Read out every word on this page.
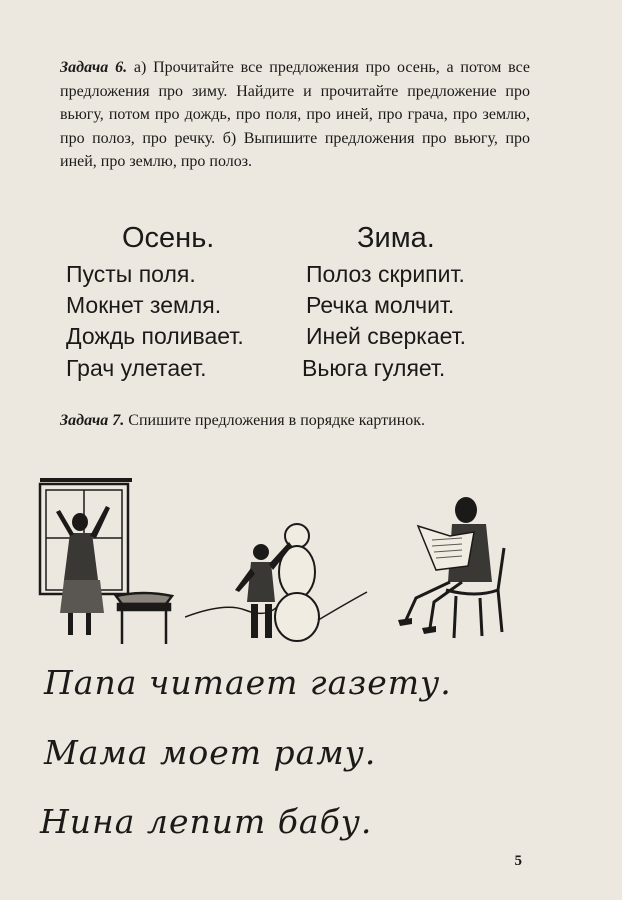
Задача 6. а) Прочитайте все предложения про осень, а потом все предложения про зиму. Найдите и прочитайте предложение про вьюгу, потом про дождь, про поля, про иней, про грача, про землю, про полоз, про речку. б) Выпишите предложения про вьюгу, про иней, про землю, про полоз.
Осень.	Зима.
Пусты поля.
Мокнет земля.
Дождь поливает.
Грач улетает.
Полоз скрипит.
Речка молчит.
Иней сверкает.
Вьюга гуляет.
Задача 7. Спишите предложения в порядке картинок.
Папа читает газету.
Мама моет раму.
Нина лепит бабу.
5
